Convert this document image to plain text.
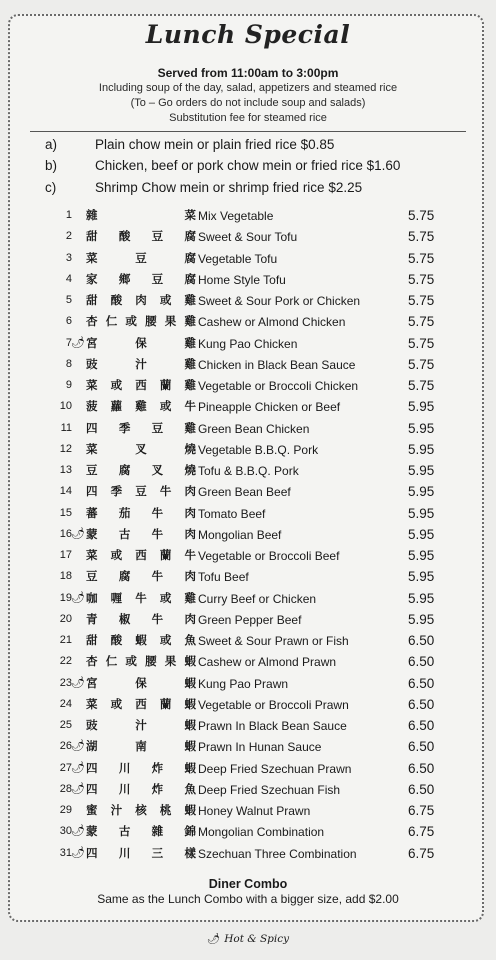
Lunch Special
Served from 11:00am to 3:00pm
Including soup of the day, salad, appetizers and steamed rice
(To – Go orders do not include soup and salads)
Substitution fee for steamed rice
a)	Plain chow mein or plain fried rice $0.85
b)	Chicken, beef or pork chow mein or fried rice $1.60
c)	Shrimp Chow mein or shrimp fried rice $2.25
1 雜	菜 Mix Vegetable	5.75
2 甜 酸 豆 腐 Sweet & Sour Tofu	5.75
3 菜	豆	腐 Vegetable Tofu	5.75
4 家 鄉 豆 腐 Home Style Tofu	5.75
5 甜 酸 肉 或 雞 Sweet & Sour Pork or Chicken	5.75
6 杏 仁 或 腰 果 雞 Cashew or Almond Chicken	5.75
7 🌶 宮	保	雞 Kung Pao Chicken	5.75
8 豉	汁	雞 Chicken in Black Bean Sauce	5.75
9 菜 或 西 蘭 雞 Vegetable or Broccoli Chicken	5.75
10 菠 蘿 雞 或 牛 Pineapple Chicken or Beef	5.95
11 四 季 豆 雞 Green Bean Chicken	5.95
12 菜	叉	燒 Vegetable B.B.Q. Pork	5.95
13 豆 腐 叉 燒 Tofu & B.B.Q. Pork	5.95
14 四 季 豆 牛 肉 Green Bean Beef	5.95
15 蕃 茄 牛 肉 Tomato Beef	5.95
16 🌶 蒙 古 牛 肉 Mongolian Beef	5.95
17 菜 或 西 蘭 牛 Vegetable or Broccoli Beef	5.95
18 豆 腐 牛 肉 Tofu Beef	5.95
19 🌶 咖 喱 牛 或 雞 Curry Beef or Chicken	5.95
20 青 椒 牛 肉 Green Pepper Beef	5.95
21 甜 酸 蝦 或 魚 Sweet & Sour Prawn or Fish	6.50
22 杏 仁 或 腰 果 蝦 Cashew or Almond Prawn	6.50
23 🌶 宮	保	蝦 Kung Pao Prawn	6.50
24 菜 或 西 蘭 蝦 Vegetable or Broccoli Prawn	6.50
25 豉	汁	蝦 Prawn In Black Bean Sauce	6.50
26 🌶 湖	南	蝦 Prawn In Hunan Sauce	6.50
27 🌶 四 川 炸 蝦 Deep Fried Szechuan Prawn	6.50
28 🌶 四 川 炸 魚 Deep Fried Szechuan Fish	6.50
29 蜜 汁 核 桃 蝦 Honey Walnut Prawn	6.75
30 🌶 蒙 古 雜 錦 Mongolian Combination	6.75
31 🌶 四 川 三 樣 Szechuan Three Combination	6.75
Diner Combo
Same as the Lunch Combo with a bigger size, add $2.00
🌶 Hot & Spicy
